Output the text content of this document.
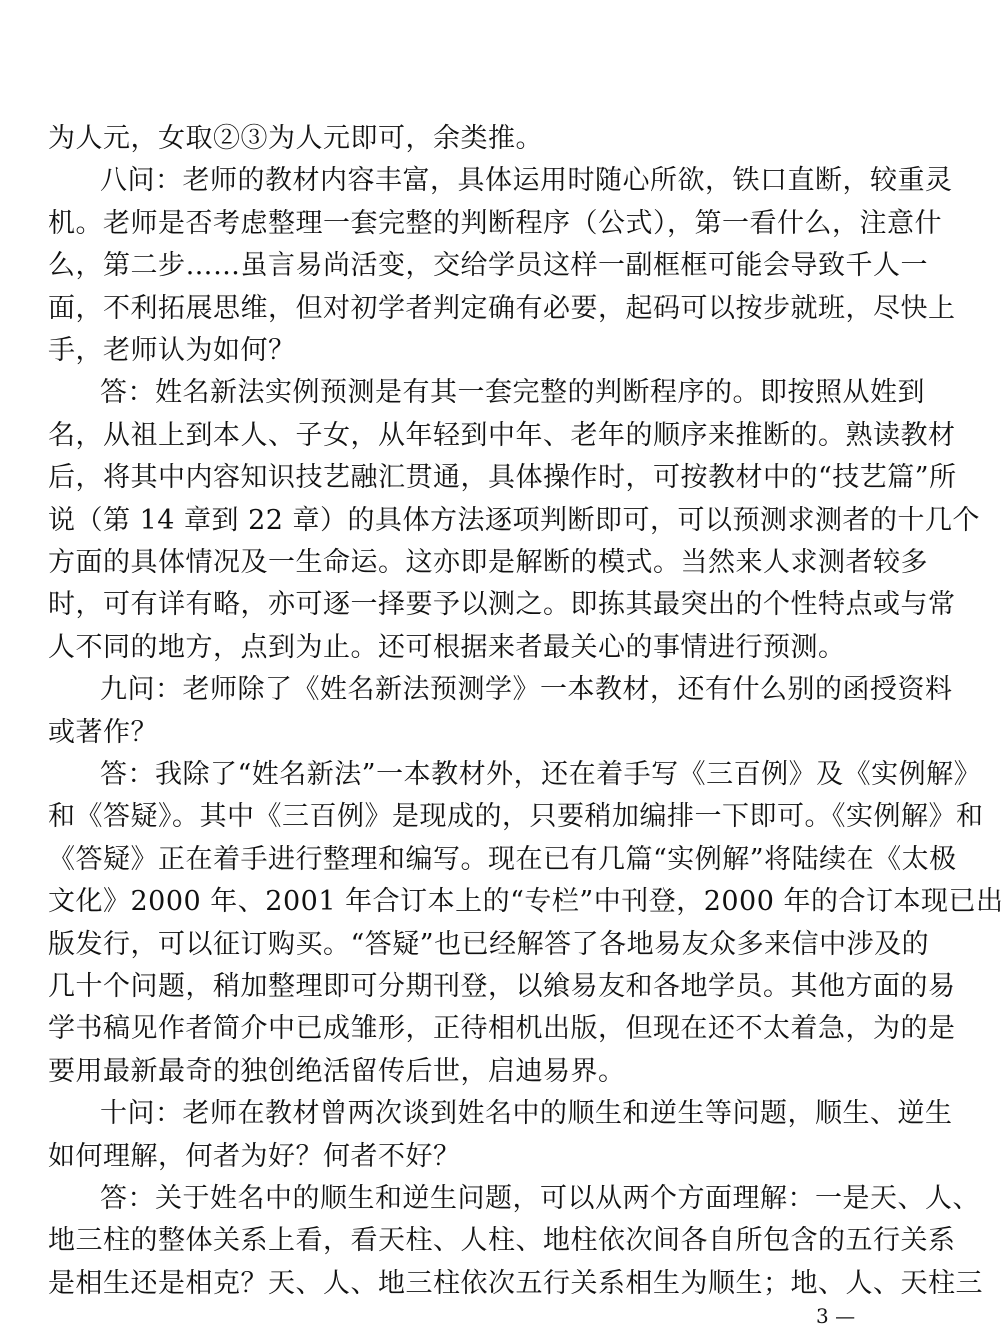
为人元，女取②③为人元即可，余类推。
八问：老师的教材内容丰富，具体运用时随心所欲，铁口直断，较重灵
机。老师是否考虑整理一套完整的判断程序（公式），第一看什么，注意什
么，第二步……虽言易尚活变，交给学员这样一副框框可能会导致千人一
面，不利拓展思维，但对初学者判定确有必要，起码可以按步就班，尽快上
手，老师认为如何？
答：姓名新法实例预测是有其一套完整的判断程序的。即按照从姓到
名，从祖上到本人、子女，从年轻到中年、老年的顺序来推断的。熟读教材
后，将其中内容知识技艺融汇贯通，具体操作时，可按教材中的“技艺篇”所
说（第 14 章到 22 章）的具体方法逐项判断即可，可以预测求测者的十几个
方面的具体情况及一生命运。这亦即是解断的模式。当然来人求测者较多
时，可有详有略，亦可逐一择要予以测之。即拣其最突出的个性特点或与常
人不同的地方，点到为止。还可根据来者最关心的事情进行预测。
九问：老师除了《姓名新法预测学》一本教材，还有什么别的函授资料
或著作？
答：我除了“姓名新法”一本教材外，还在着手写《三百例》及《实例解》
和《答疑》。其中《三百例》是现成的，只要稍加编排一下即可。《实例解》和
《答疑》正在着手进行整理和编写。现在已有几篇“实例解”将陆续在《太极
文化》2000 年、2001 年合订本上的“专栏”中刊登，2000 年的合订本现已出
版发行，可以征订购买。“答疑”也已经解答了各地易友众多来信中涉及的
几十个问题，稍加整理即可分期刊登，以飨易友和各地学员。其他方面的易
学书稿见作者简介中已成雏形，正待相机出版，但现在还不太着急，为的是
要用最新最奇的独创绝活留传后世，启迪易界。
十问：老师在教材曾两次谈到姓名中的顺生和逆生等问题，顺生、逆生
如何理解，何者为好？何者不好？
答：关于姓名中的顺生和逆生问题，可以从两个方面理解：一是天、人、
地三柱的整体关系上看，看天柱、人柱、地柱依次间各自所包含的五行关系
是相生还是相克？天、人、地三柱依次五行关系相生为顺生；地、人、天柱三
3 —
